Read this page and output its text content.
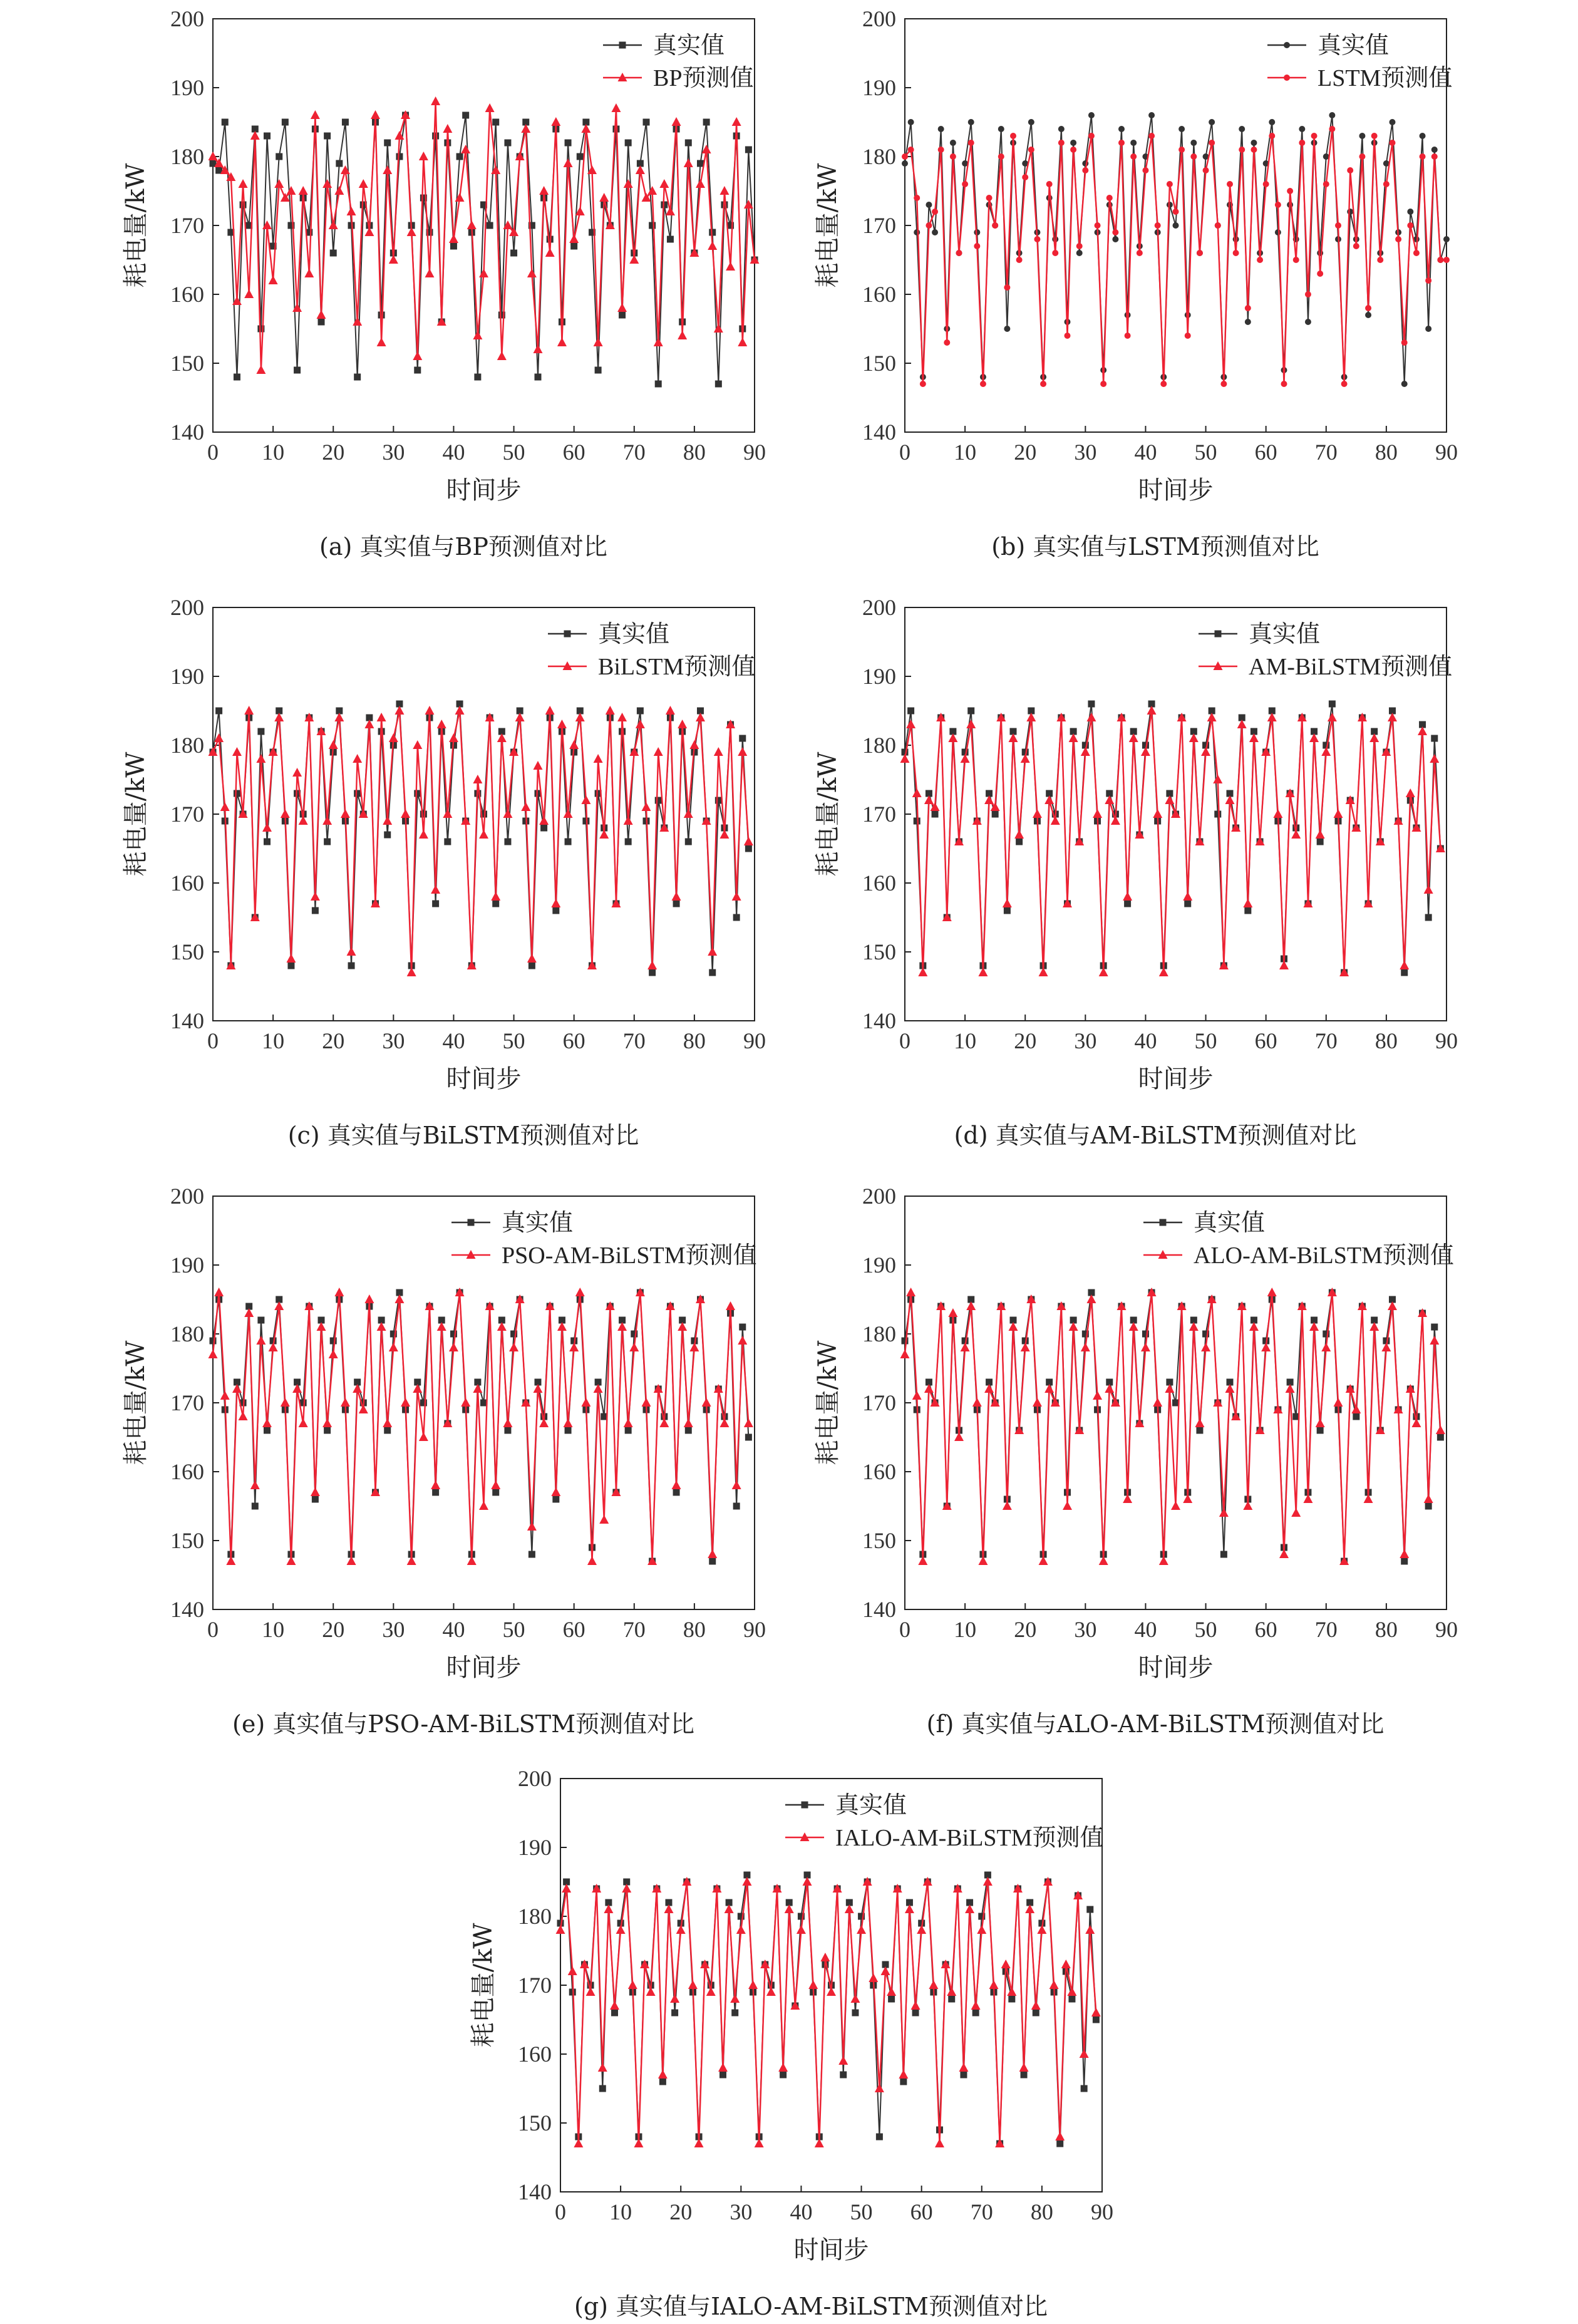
140
150
160
170
180
190
200
0 10 20 30 40 50 60 70 80 90
时间步
耗电量/kW
真实值
BP预测值
(a) 真实值与BP预测值对比
140
150
160
170
180
190
200
0 10 20 30 40 50 60 70 80 90
时间步
耗电量/kW
真实值
LSTM预测值
(b) 真实值与LSTM预测值对比
140
150
160
170
180
190
200
0 10 20 30 40 50 60 70 80 90
时间步
耗电量/kW
真实值
BiLSTM预测值
(c) 真实值与BiLSTM预测值对比
140
150
160
170
180
190
200
0 10 20 30 40 50 60 70 80 90
时间步
耗电量/kW
真实值
AM-BiLSTM预测值
(d) 真实值与AM-BiLSTM预测值对比
140
150
160
170
180
190
200
0 10 20 30 40 50 60 70 80 90
时间步
耗电量/kW
真实值
PSO-AM-BiLSTM预测值
(e) 真实值与PSO-AM-BiLSTM预测值对比
140
150
160
170
180
190
200
0 10 20 30 40 50 60 70 80 90
时间步
耗电量/kW
真实值
ALO-AM-BiLSTM预测值
(f) 真实值与ALO-AM-BiLSTM预测值对比
140
150
160
170
180
190
200
0 10 20 30 40 50 60 70 80 90
时间步
耗电量/kW
真实值
IALO-AM-BiLSTM预测值
(g) 真实值与IALO-AM-BiLSTM预测值对比
